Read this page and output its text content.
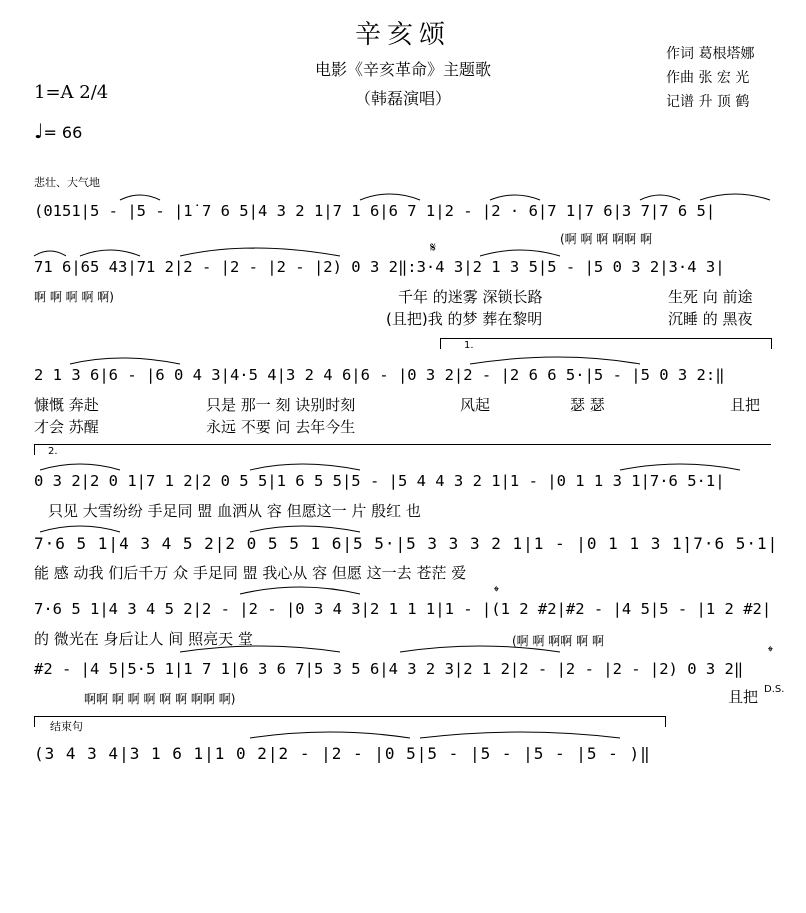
辛亥颂
电影《辛亥革命》主题歌
（韩磊演唱）
作词 葛根塔娜
作曲 张 宏 光
记谱 升 顶 鹤
1=A 2/4
♩= 66
悲壮、大气地
(0151|5 - |5 - |1̇ 7 6 5|4 3 2 1|7 1 6|6 7 1|2 - |2 · 6|7 1̇|7 6|3 7|7 6 5|
(啊 啊 啊 啊啊 啊
𝄋
71 6|65 43|71 2|2 - |2 - |2 - |2) 0 3 2‖:3·4 3|2 1 3 5|5 - |5 0 3 2|3·4 3|
啊 啊 啊 啊 啊)	千年 的迷雾 深锁长路	生死 向 前途
(且把)我 的梦 葬在黎明	沉睡 的 黑夜
1.
2 1 3 6|6 - |6 0 4 3|4·5 4|3 2 4 6|6 - |0 3 2|2 - |2 6 6 5·|5 - |5 0 3 2:‖
慷慨 奔赴	只是 那一 刻 诀别时刻	风起	瑟 瑟	且把
才会 苏醒	永远 不要 问 去年今生
2.
0 3 2|2 0 1|7 1 2|2 0 5 5|1 6 5 5|5 - |5 4 4 3 2 1|1 - |0 1 1 3 1̇|7·6 5·1|
只见 大雪纷纷 手足同 盟 血洒从 容 但愿这一 片 殷红 也
7·6 5 1|4 3 4 5 2|2 0 5 5 1 6|5 5·|5 3 3 3 2 1|1 - |0 1 1 3 1̇|7·6 5·1|
能 感 动我 们后千万 众 手足同 盟 我心从 容 但愿 这一去 苍茫 爱
7·6 5 1|4 3 4 5 2|2 - |2 - |0 3 4 3|2 1 1 1|1 - |(1 2 #2|#2 - |4 5|5 - |1 2 #2|
的 微光在 身后让人 间 照亮天 堂	(啊 啊 啊啊 啊 啊
𝄌
#2 - |4 5|5·5 1|1 7 1|6 3 6 7|5 3 5 6|4 3 2 3|2 1 2|2 - |2 - |2 - |2) 0 3 2‖
啊啊 啊 啊 啊 啊 啊 啊啊 啊)	且把
𝄌
D.S.
结束句
(3 4 3 4|3 1 6 1|1 0 2|2 - |2 - |0 5|5 - |5 - |5 - |5 - )‖
